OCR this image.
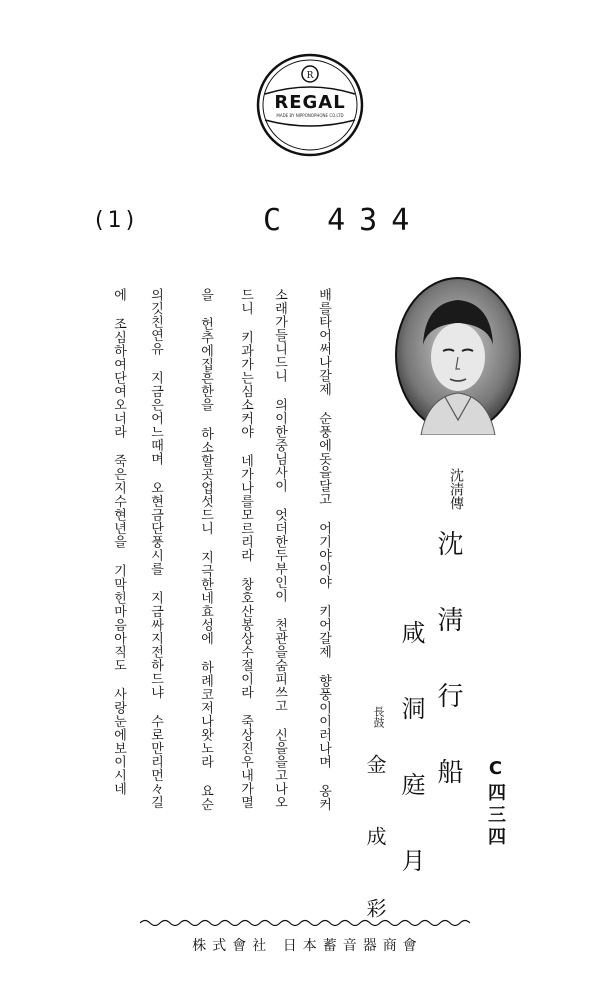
R
REGAL
MADE BY NIPPONOPHONE CO.LTD
(1)	C 434
沈淸傳
沈 淸 行 船
咸 洞 庭 月
長鼓
金 成 彩	C四三四
배를타어써나갈제 순풍에돗을달고 어기야이야 키어갈제 향풍이이러나며 옹커
소래가들니드니 의이한중님사이 엇더한두부인이 천관을숨피쓰고 신을을고나오
드니 키과가는심소커야 네가나를모르리라 창호산봉상수절이라 죽상진우내가멸
을 헌추에집흔한을 하소할곳업섯드니 지극한네효성에 하례코저나왓노라 요순
의깃친연유 지금은어느때며 오현금단풍시를 지금싸지전하드냐 수로만리먼々길
에 조심하여단여오너라 죽은지수현년을 기막힌마음아직도 사랑눈에보이시네
株式會社 日本蓄音器商會
